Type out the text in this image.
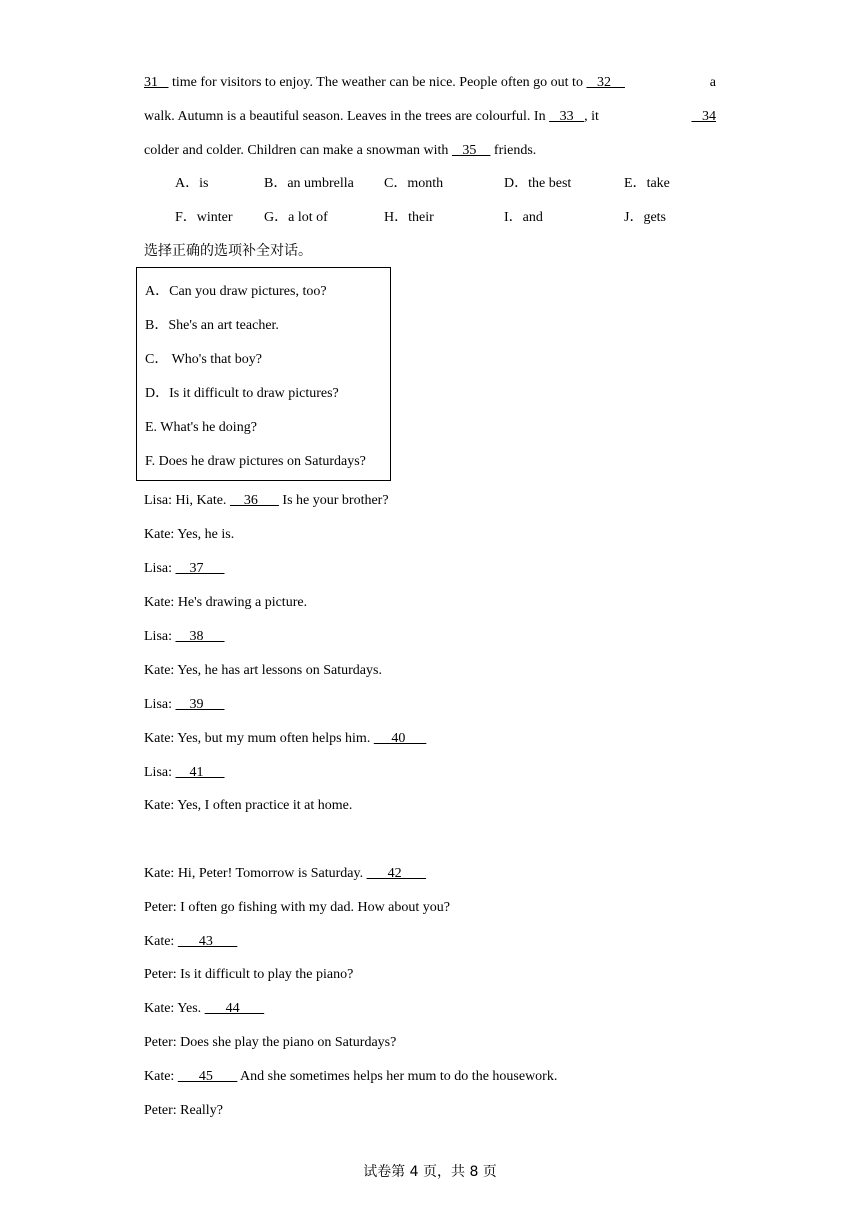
31    time for visitors to enjoy. The weather can be nice. People often go out to    32	a
walk. Autumn is a beautiful season. Leaves in the trees are colourful. In    33   , it	34
colder and colder. Children can make a snowman with    35     friends.
A．is	B．an umbrella C．month	D．the best	E．take
F．winter G．a lot of	H．their	I．and	J．gets
选择正确的选项补全对话。
A．Can you draw pictures, too?
B．She's an art teacher.
C． Who's that boy?
D．Is it difficult to draw pictures?
E. What's he doing?
F. Does he draw pictures on Saturdays?
Lisa: Hi, Kate.     36       Is he your brother?
Kate: Yes, he is.
Lisa:     37
Kate: He's drawing a picture.
Lisa:     38
Kate: Yes, he has art lessons on Saturdays.
Lisa:     39
Kate: Yes, but my mum often helps him.      40
Lisa:     41
Kate: Yes, I often practice it at home.
Kate: Hi, Peter! Tomorrow is Saturday.       42
Peter: I often go fishing with my dad. How about you?
Kate:       43
Peter: Is it difficult to play the piano?
Kate: Yes.       44
Peter: Does she play the piano on Saturdays?
Kate:       45        And she sometimes helps her mum to do the housework.
Peter: Really?
试卷第 4 页，共 8 页
